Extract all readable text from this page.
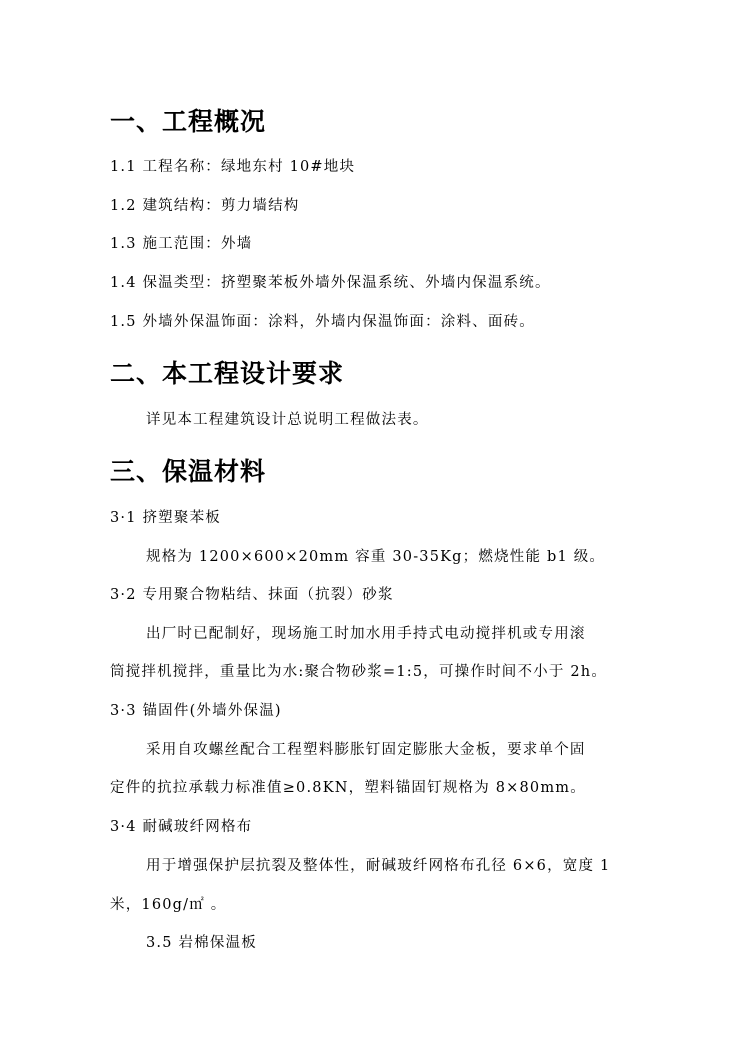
一、工程概况
1.1 工程名称：绿地东村 10#地块
1.2 建筑结构：剪力墙结构
1.3 施工范围：外墙
1.4 保温类型：挤塑聚苯板外墙外保温系统、外墙内保温系统。
1.5 外墙外保温饰面：涂料，外墙内保温饰面：涂料、面砖。
二、本工程设计要求
详见本工程建筑设计总说明工程做法表。
三、保温材料
3·1 挤塑聚苯板
规格为 1200×600×20mm 容重 30-35Kg；燃烧性能 b1 级。
3·2 专用聚合物粘结、抹面（抗裂）砂浆
出厂时已配制好，现场施工时加水用手持式电动搅拌机或专用滚
筒搅拌机搅拌，重量比为水:聚合物砂浆=1:5，可操作时间不小于 2h。
3·3 锚固件(外墙外保温)
采用自攻螺丝配合工程塑料膨胀钉固定膨胀大金板，要求单个固
定件的抗拉承载力标准值≥0.8KN，塑料锚固钉规格为 8×80mm。
3·4 耐碱玻纤网格布
用于增强保护层抗裂及整体性，耐碱玻纤网格布孔径 6×6，宽度 1
米，160g/㎡ 。
3.5 岩棉保温板
